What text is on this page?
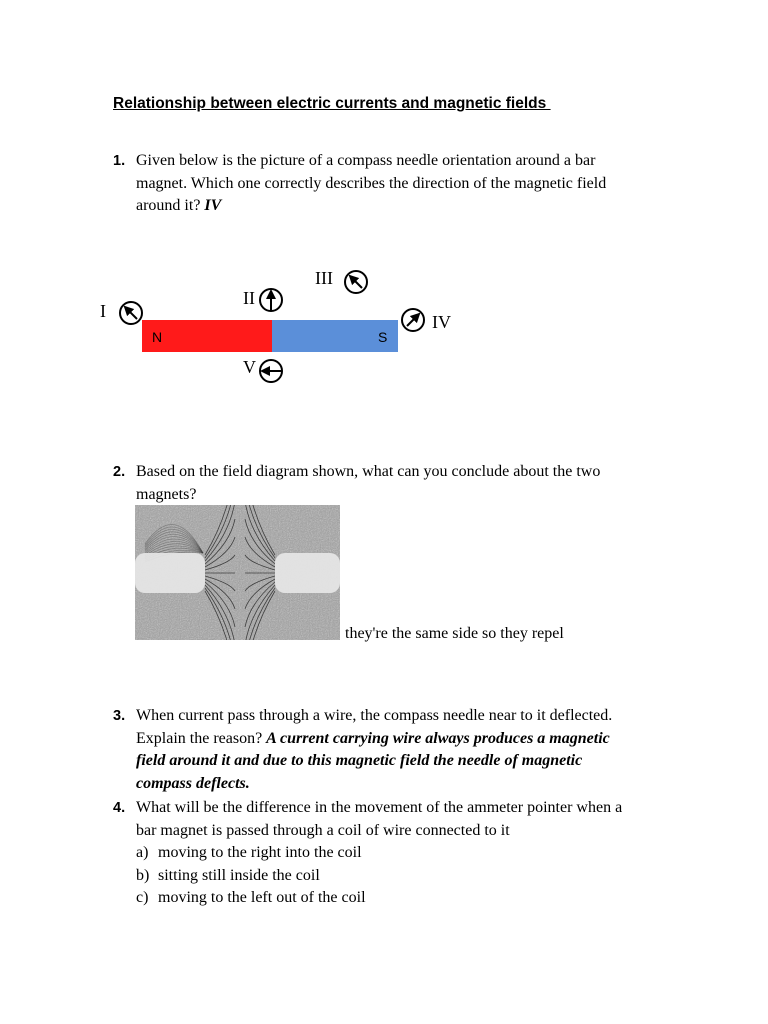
Relationship between electric currents and magnetic fields
1. Given below is the picture of a compass needle orientation around a bar
magnet. Which one correctly describes the direction of the magnetic field
around it? IV
N	S
I
II
III
IV
V
2. Based on the field diagram shown, what can you conclude about the two
magnets?
they're the same side so they repel
3. When current pass through a wire, the compass needle near to it deflected.
Explain the reason? A current carrying wire always produces a magnetic
field around it and due to this magnetic field the needle of magnetic
compass deflects.
4. What will be the difference in the movement of the ammeter pointer when a
bar magnet is passed through a coil of wire connected to it
a) moving to the right into the coil
b) sitting still inside the coil
c) moving to the left out of the coil
